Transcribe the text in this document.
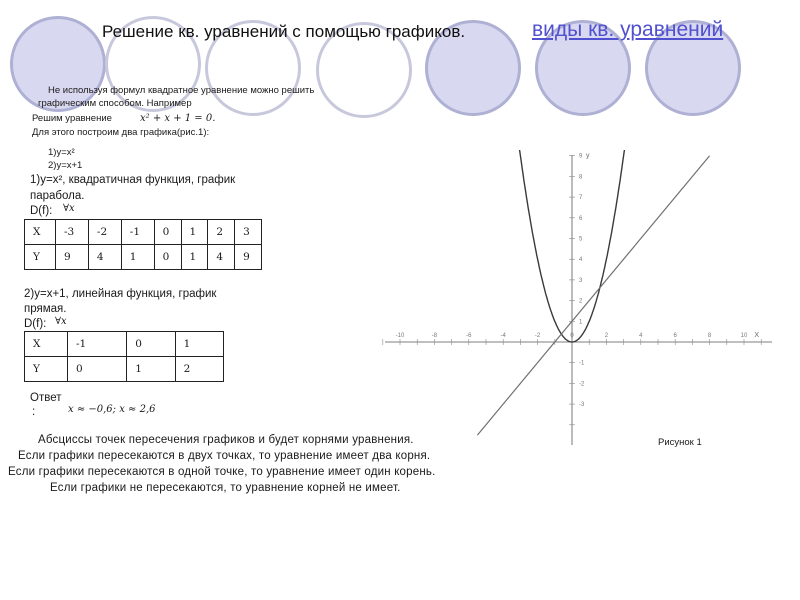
Решение кв. уравнений с помощью графиков.	виды кв. уравнений
Не используя формул квадратное уравнение можно решить
графическим способом. Например
Решим уравнение	x² + x + 1 = 0.
Для этого построим два графика(рис.1):
1)y=x²
2)y=x+1
1)y=x², квадратичная функция, график
парабола.
D(f): ∀x
X	-3	-2	-1	0	1	2	3
Y	9	4	1	0	1	4	9
2)y=x+1, линейная функция, график
прямая.
D(f): ∀x
X	-1	0	1
Y	0	1	2
Ответ
:	x ≈ −0,6; x ≈ 2,6
Абсциссы точек пересечения графиков и будет корнями уравнения.
Если графики пересекаются в двух точках, то уравнение имеет два корня.
Если графики пересекаются в одной точке, то уравнение имеет один корень.
Если графики не пересекаются, то уравнение корней не имеет.
Рисунок 1
-10	-8	-6	-4	-2	0	2	4	6	8	10
-3
-2
-1
1
2
3
4
5
6
7
8
9
X
y
